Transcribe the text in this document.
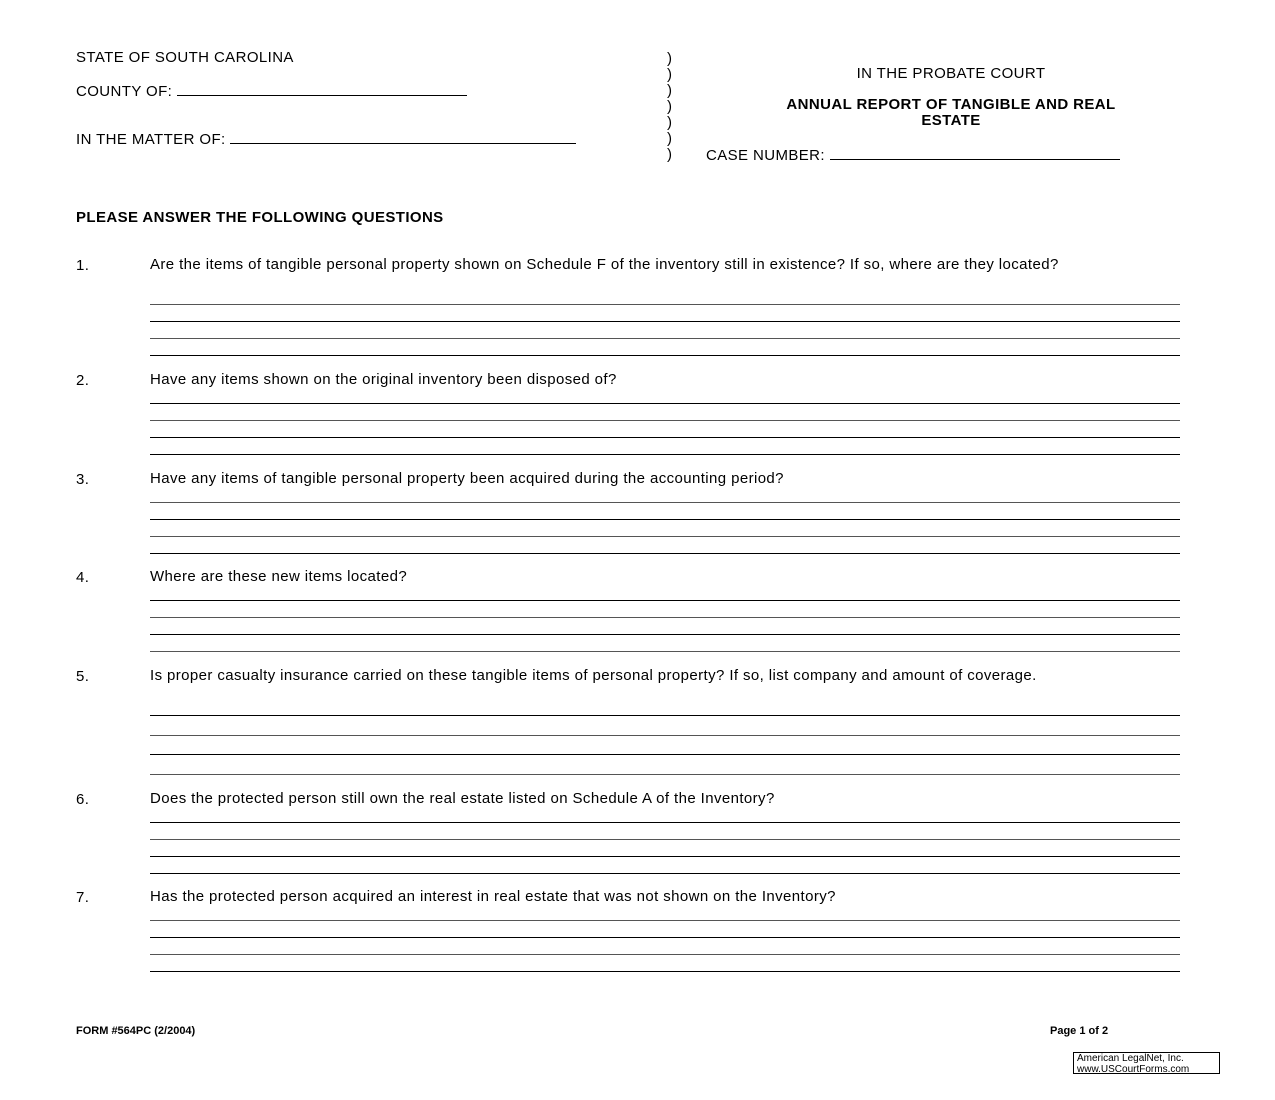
STATE OF SOUTH CAROLINA
COUNTY OF:
IN THE MATTER OF:
)
)
)
)
)
)
)
IN THE PROBATE COURT
ANNUAL REPORT OF TANGIBLE AND REAL
ESTATE
CASE NUMBER:
PLEASE ANSWER THE FOLLOWING QUESTIONS
1.	Are the items of tangible personal property shown on Schedule F of the inventory still in existence? If so, where are they located?
2.	Have any items shown on the original inventory been disposed of?
3.	Have any items of tangible personal property been acquired during the accounting period?
4.	Where are these new items located?
5.	Is proper casualty insurance carried on these tangible items of personal property? If so, list company and amount of coverage.
6.	Does the protected person still own the real estate listed on Schedule A of the Inventory?
7.	Has the protected person acquired an interest in real estate that was not shown on the Inventory?
FORM #564PC (2/2004)	Page 1 of 2
American LegalNet, Inc.
www.USCourtForms.com
